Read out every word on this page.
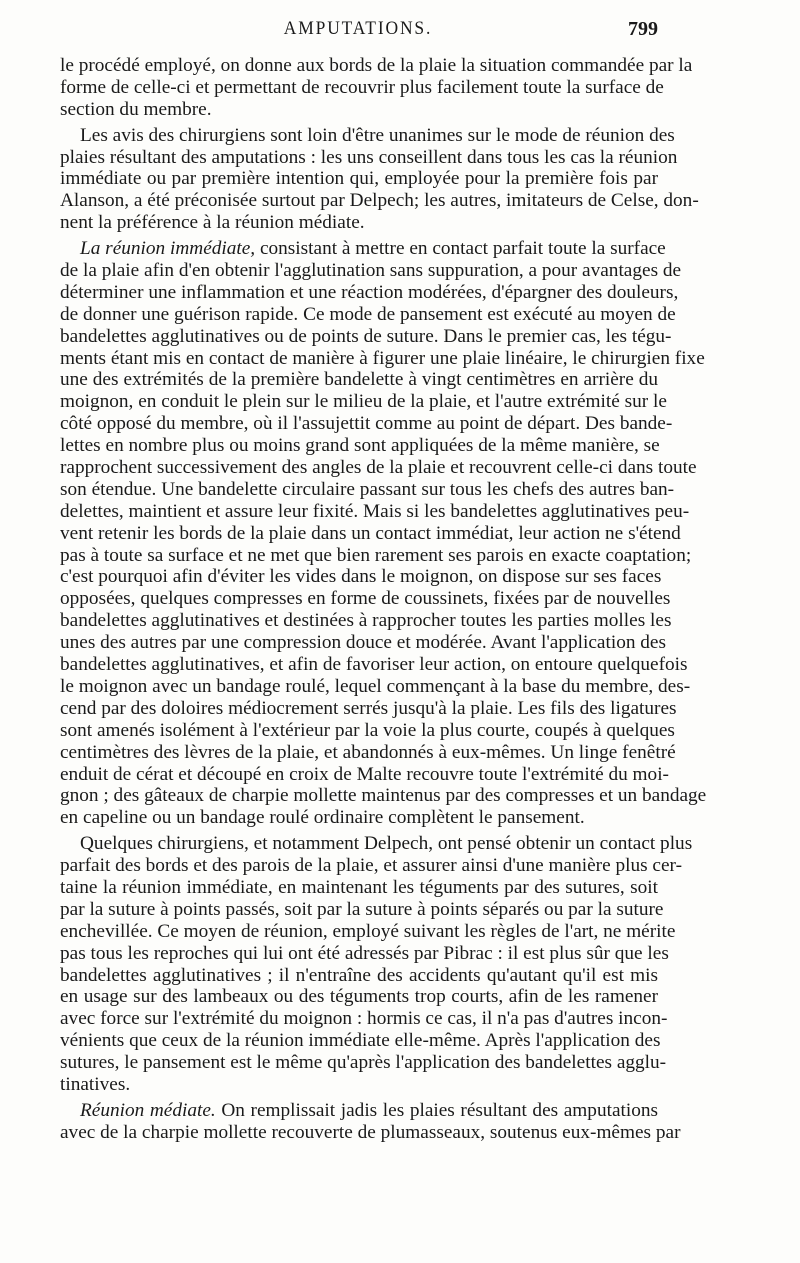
AMPUTATIONS.	799
le procédé employé, on donne aux bords de la plaie la situation commandée par la
forme de celle-ci et permettant de recouvrir plus facilement toute la surface de
section du membre.
Les avis des chirurgiens sont loin d'être unanimes sur le mode de réunion des
plaies résultant des amputations : les uns conseillent dans tous les cas la réunion
immédiate ou par première intention qui, employée pour la première fois par
Alanson, a été préconisée surtout par Delpech; les autres, imitateurs de Celse, don-
nent la préférence à la réunion médiate.
La réunion immédiate, consistant à mettre en contact parfait toute la surface
de la plaie afin d'en obtenir l'agglutination sans suppuration, a pour avantages de
déterminer une inflammation et une réaction modérées, d'épargner des douleurs,
de donner une guérison rapide. Ce mode de pansement est exécuté au moyen de
bandelettes agglutinatives ou de points de suture. Dans le premier cas, les tégu-
ments étant mis en contact de manière à figurer une plaie linéaire, le chirurgien fixe
une des extrémités de la première bandelette à vingt centimètres en arrière du
moignon, en conduit le plein sur le milieu de la plaie, et l'autre extrémité sur le
côté opposé du membre, où il l'assujettit comme au point de départ. Des bande-
lettes en nombre plus ou moins grand sont appliquées de la même manière, se
rapprochent successivement des angles de la plaie et recouvrent celle-ci dans toute
son étendue. Une bandelette circulaire passant sur tous les chefs des autres ban-
delettes, maintient et assure leur fixité. Mais si les bandelettes agglutinatives peu-
vent retenir les bords de la plaie dans un contact immédiat, leur action ne s'étend
pas à toute sa surface et ne met que bien rarement ses parois en exacte coaptation;
c'est pourquoi afin d'éviter les vides dans le moignon, on dispose sur ses faces
opposées, quelques compresses en forme de coussinets, fixées par de nouvelles
bandelettes agglutinatives et destinées à rapprocher toutes les parties molles les
unes des autres par une compression douce et modérée. Avant l'application des
bandelettes agglutinatives, et afin de favoriser leur action, on entoure quelquefois
le moignon avec un bandage roulé, lequel commençant à la base du membre, des-
cend par des doloires médiocrement serrés jusqu'à la plaie. Les fils des ligatures
sont amenés isolément à l'extérieur par la voie la plus courte, coupés à quelques
centimètres des lèvres de la plaie, et abandonnés à eux-mêmes. Un linge fenêtré
enduit de cérat et découpé en croix de Malte recouvre toute l'extrémité du moi-
gnon ; des gâteaux de charpie mollette maintenus par des compresses et un bandage
en capeline ou un bandage roulé ordinaire complètent le pansement.
Quelques chirurgiens, et notamment Delpech, ont pensé obtenir un contact plus
parfait des bords et des parois de la plaie, et assurer ainsi d'une manière plus cer-
taine la réunion immédiate, en maintenant les téguments par des sutures, soit
par la suture à points passés, soit par la suture à points séparés ou par la suture
enchevillée. Ce moyen de réunion, employé suivant les règles de l'art, ne mérite
pas tous les reproches qui lui ont été adressés par Pibrac : il est plus sûr que les
bandelettes agglutinatives ; il n'entraîne des accidents qu'autant qu'il est mis
en usage sur des lambeaux ou des téguments trop courts, afin de les ramener
avec force sur l'extrémité du moignon : hormis ce cas, il n'a pas d'autres incon-
vénients que ceux de la réunion immédiate elle-même. Après l'application des
sutures, le pansement est le même qu'après l'application des bandelettes agglu-
tinatives.
Réunion médiate. On remplissait jadis les plaies résultant des amputations
avec de la charpie mollette recouverte de plumasseaux, soutenus eux-mêmes par
